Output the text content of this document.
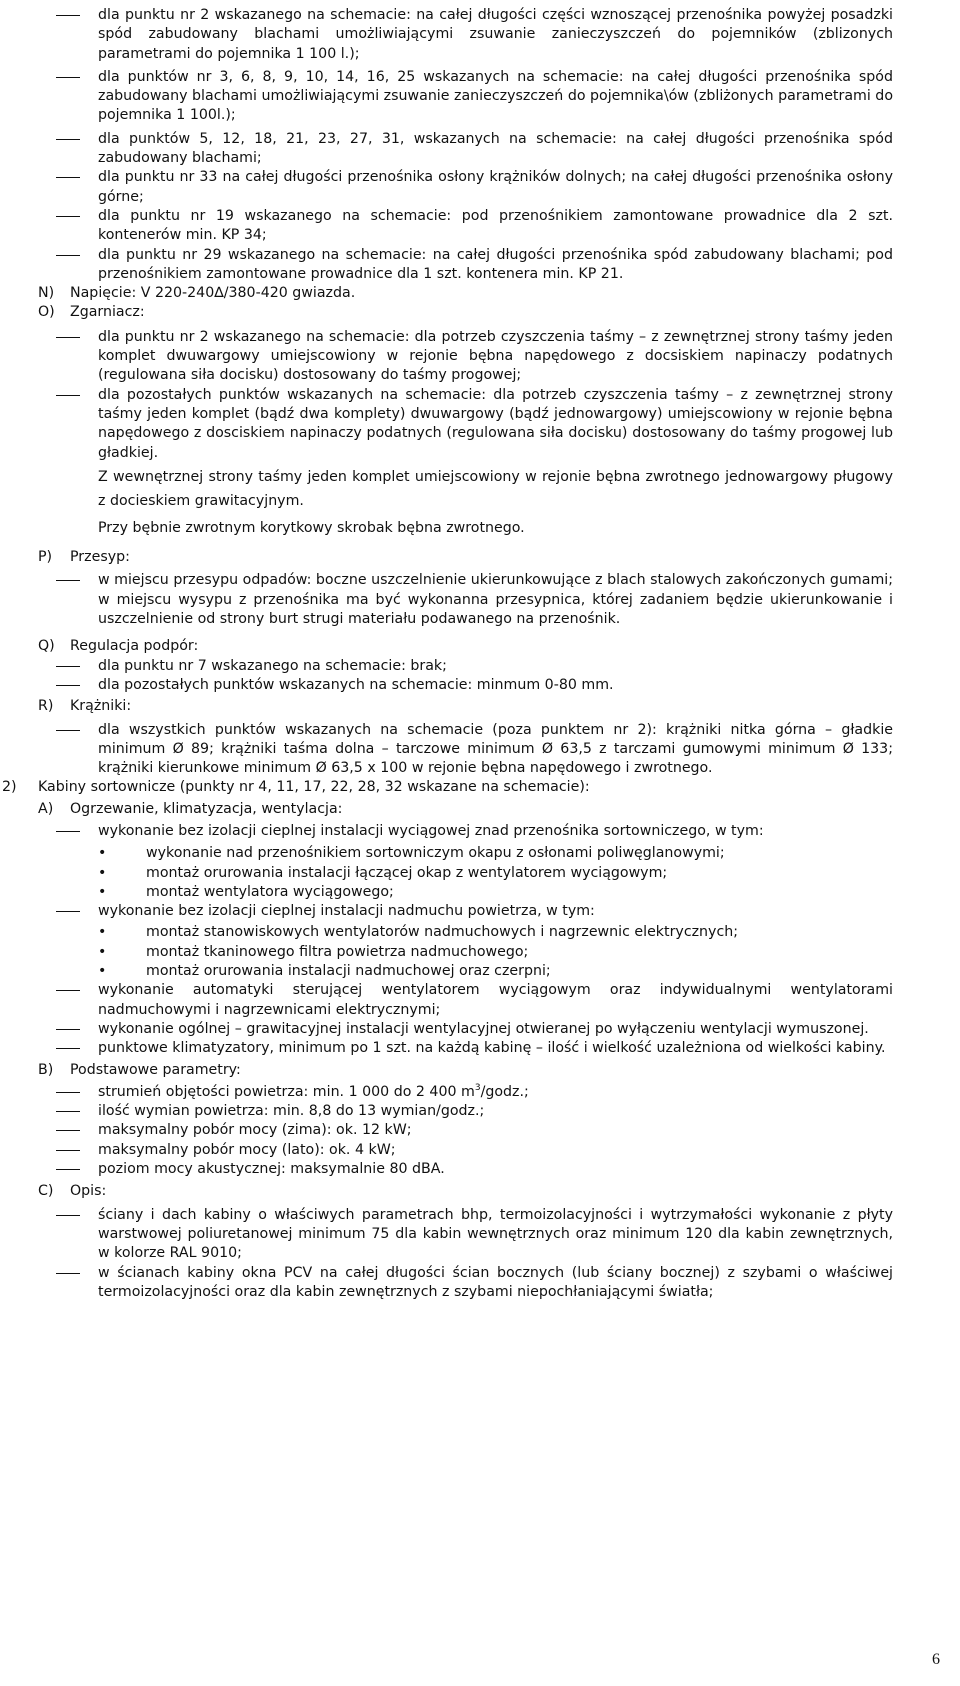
dla punktu nr 2 wskazanego na schemacie: na całej długości części wznoszącej przenośnika powyżej posadzki spód zabudowany blachami umożliwiającymi zsuwanie zanieczyszczeń do pojemników (zblizonych parametrami do pojemnika 1 100 l.);

dla punktów nr 3, 6, 8, 9, 10, 14, 16, 25 wskazanych na schemacie: na całej długości przenośnika spód zabudowany blachami umożliwiającymi zsuwanie zanieczyszczeń do pojemnika\ów (zbliżonych parametrami do pojemnika 1 100l.);

dla punktów 5, 12, 18, 21, 23, 27, 31, wskazanych na schemacie: na całej długości przenośnika spód zabudowany blachami;

dla punktu nr 33 na całej długości przenośnika osłony krążników dolnych; na całej długości przenośnika osłony górne;

dla punktu nr 19 wskazanego na schemacie: pod przenośnikiem zamontowane prowadnice dla 2 szt. kontenerów min. KP 34;

dla punktu nr 29 wskazanego na schemacie: na całej długości przenośnika spód zabudowany blachami; pod przenośnikiem zamontowane prowadnice dla 1 szt. kontenera min. KP 21.

N) Napięcie: V 220-240∆/380-420 gwiazda.
O) Zgarniacz:

dla punktu nr 2 wskazanego na schemacie: dla potrzeb czyszczenia taśmy – z zewnętrznej strony taśmy jeden komplet dwuwargowy umiejscowiony w rejonie bębna napędowego z docsiskiem napinaczy podatnych (regulowana siła docisku) dostosowany do taśmy progowej;

dla pozostałych punktów wskazanych na schemacie: dla potrzeb czyszczenia taśmy – z zewnętrznej strony taśmy jeden komplet (bądź dwa komplety) dwuwargowy (bądź jednowargowy) umiejscowiony w rejonie bębna napędowego z dosciskiem napinaczy podatnych (regulowana siła docisku) dostosowany do taśmy progowej lub gładkiej.

Z wewnętrznej strony taśmy jeden komplet umiejscowiony w rejonie bębna zwrotnego jednowargowy pługowy z docieskiem grawitacyjnym.

Przy bębnie zwrotnym korytkowy skrobak bębna zwrotnego.

P) Przesyp:

w miejscu przesypu odpadów: boczne uszczelnienie ukierunkowujące z blach stalowych zakończonych gumami; w miejscu wysypu z przenośnika ma być wykonanna przesypnica, której zadaniem będzie ukierunkowanie i uszczelnienie od strony burt strugi materiału podawanego na przenośnik.

Q) Regulacja podpór:

dla punktu nr 7 wskazanego na schemacie: brak;

dla pozostałych punktów wskazanych na schemacie: minmum 0-80 mm.

R) Krążniki:

dla wszystkich punktów wskazanych na schemacie (poza punktem nr 2): krążniki nitka górna – gładkie minimum Ø 89; krążniki taśma dolna – tarczowe minimum Ø 63,5 z tarczami gumowymi minimum Ø 133; krążniki kierunkowe minimum Ø 63,5 x 100 w rejonie bębna napędowego i zwrotnego.

2) Kabiny sortownicze (punkty nr 4, 11, 17, 22, 28, 32 wskazane na schemacie):
A) Ogrzewanie, klimatyzacja, wentylacja:

wykonanie bez izolacji cieplnej instalacji wyciągowej znad przenośnika sortowniczego, w tym:

•	wykonanie nad przenośnikiem sortowniczym okapu z osłonami poliwęglanowymi;

•	montaż orurowania instalacji łączącej okap z wentylatorem wyciągowym;

•	montaż wentylatora wyciągowego;

wykonanie bez izolacji cieplnej instalacji nadmuchu powietrza, w tym:

•	montaż stanowiskowych wentylatorów nadmuchowych i nagrzewnic elektrycznych;

•	montaż tkaninowego filtra powietrza nadmuchowego;

•	montaż orurowania instalacji nadmuchowej oraz czerpni;

wykonanie automatyki sterującej wentylatorem wyciągowym oraz indywidualnymi wentylatorami nadmuchowymi i nagrzewnicami elektrycznymi;

wykonanie ogólnej – grawitacyjnej instalacji wentylacyjnej otwieranej po wyłączeniu wentylacji wymuszonej.

punktowe klimatyzatory, minimum po 1 szt. na każdą kabinę – ilość i wielkość uzależniona od wielkości kabiny.

B) Podstawowe parametry:

strumień objętości powietrza: min. 1 000 do 2 400 $m^3$/godz.;

ilość wymian powietrza: min. 8,8 do 13 wymian/godz.;

maksymalny pobór mocy (zima): ok. 12 kW;

maksymalny pobór mocy (lato): ok. 4 kW;

poziom mocy akustycznej: maksymalnie 80 dBA.

C) Opis:

ściany i dach kabiny o właściwych parametrach bhp, termoizolacyjności i wytrzymałości wykonanie z płyty warstwowej poliuretanowej minimum 75 dla kabin wewnętrznych oraz minimum 120 dla kabin zewnętrznych, w kolorze RAL 9010;

w ścianach kabiny okna PCV na całej długości ścian bocznych (lub ściany bocznej) z szybami o właściwej termoizolacyjności oraz dla kabin zewnętrznych z szybami niepochłaniającymi światła;

6
